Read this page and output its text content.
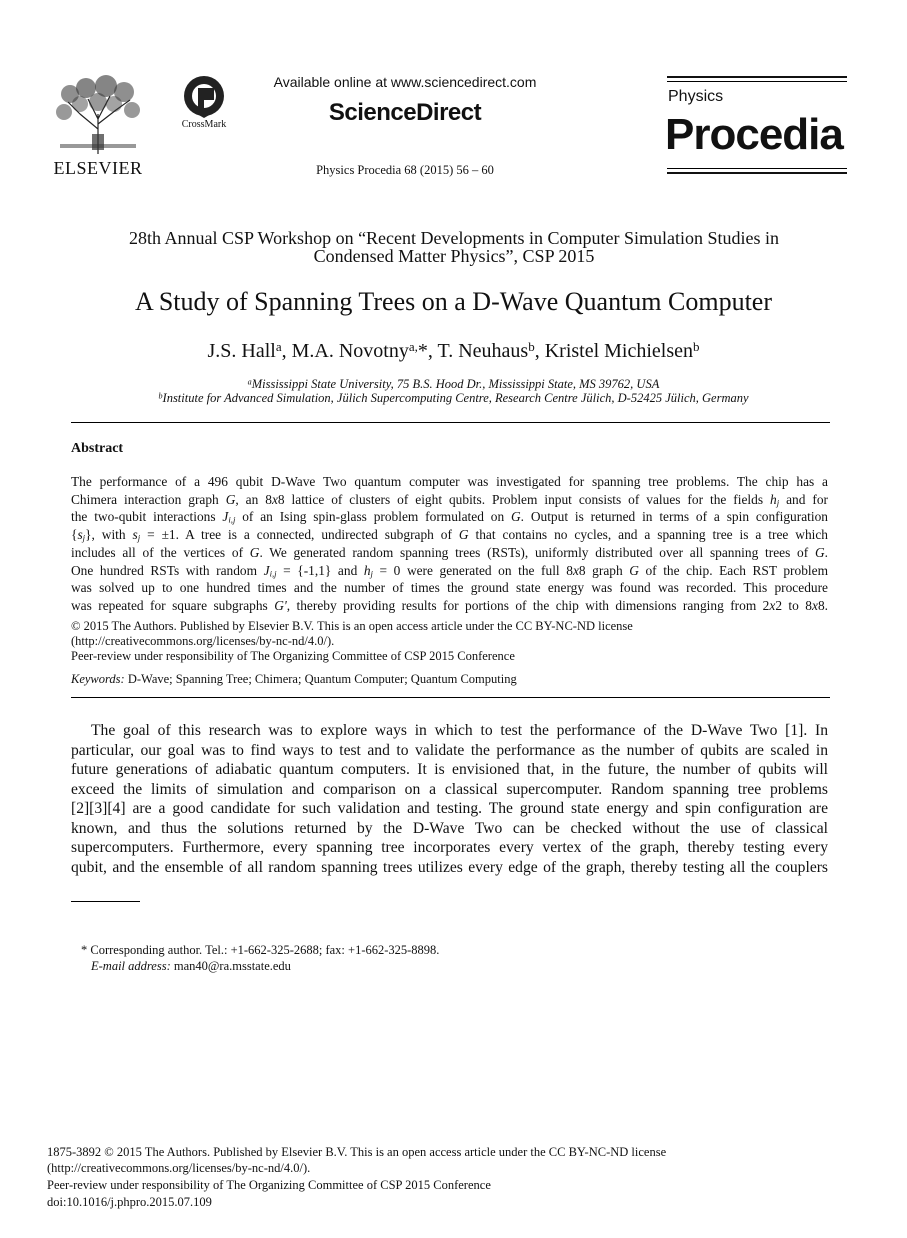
ELSEVIER
CrossMark
Available online at www.sciencedirect.com
ScienceDirect
Physics Procedia 68 (2015) 56 – 60
Physics
Procedia
28th Annual CSP Workshop on “Recent Developments in Computer Simulation Studies in Condensed Matter Physics”, CSP 2015
A Study of Spanning Trees on a D-Wave Quantum Computer
J.S. Hall$^a$, M.A. Novotny$^{a,}$*, T. Neuhaus$^b$, Kristel Michielsen$^b$
$^a$Mississippi State University, 75 B.S. Hood Dr., Mississippi State, MS 39762, USA
$^b$Institute for Advanced Simulation, Jülich Supercomputing Centre, Research Centre Jülich, D-52425 Jülich, Germany
Abstract
The performance of a 496 qubit D-Wave Two quantum computer was investigated for spanning tree problems. The chip has a
Chimera interaction graph G, an 8x8 lattice of clusters of eight qubits. Problem input consists of values for the fields $h_j$ and for
the two-qubit interactions $J_{i,j}$ of an Ising spin-glass problem formulated on G. Output is returned in terms of a spin configuration
$\{s_j\}$, with $s_j = \pm 1$. A tree is a connected, undirected subgraph of G that contains no cycles, and a spanning tree is a tree which
includes all of the vertices of G. We generated random spanning trees (RSTs), uniformly distributed over all spanning trees of G.
One hundred RSTs with random $J_{i,j} = \{-1,1\}$ and $h_j = 0$ were generated on the full 8x8 graph G of the chip. Each RST problem
was solved up to one hundred times and the number of times the ground state energy was found was recorded. This procedure
was repeated for square subgraphs G', thereby providing results for portions of the chip with dimensions ranging from 2x2 to 8x8.
© 2015 The Authors. Published by Elsevier B.V. This is an open access article under the CC BY-NC-ND license
(http://creativecommons.org/licenses/by-nc-nd/4.0/).
Peer-review under responsibility of The Organizing Committee of CSP 2015 Conference
Keywords: D-Wave; Spanning Tree; Chimera; Quantum Computer; Quantum Computing
The goal of this research was to explore ways in which to test the performance of the D-Wave Two [1]. In
particular, our goal was to find ways to test and to validate the performance as the number of qubits are scaled in
future generations of adiabatic quantum computers. It is envisioned that, in the future, the number of qubits will
exceed the limits of simulation and comparison on a classical supercomputer. Random spanning tree problems
[2][3][4] are a good candidate for such validation and testing. The ground state energy and spin configuration are
known, and thus the solutions returned by the D-Wave Two can be checked without the use of classical
supercomputers. Furthermore, every spanning tree incorporates every vertex of the graph, thereby testing every
qubit, and the ensemble of all random spanning trees utilizes every edge of the graph, thereby testing all the couplers
* Corresponding author. Tel.: +1-662-325-2688; fax: +1-662-325-8898.
E-mail address: man40@ra.msstate.edu
1875-3892 © 2015 The Authors. Published by Elsevier B.V. This is an open access article under the CC BY-NC-ND license
(http://creativecommons.org/licenses/by-nc-nd/4.0/).
Peer-review under responsibility of The Organizing Committee of CSP 2015 Conference
doi:10.1016/j.phpro.2015.07.109
